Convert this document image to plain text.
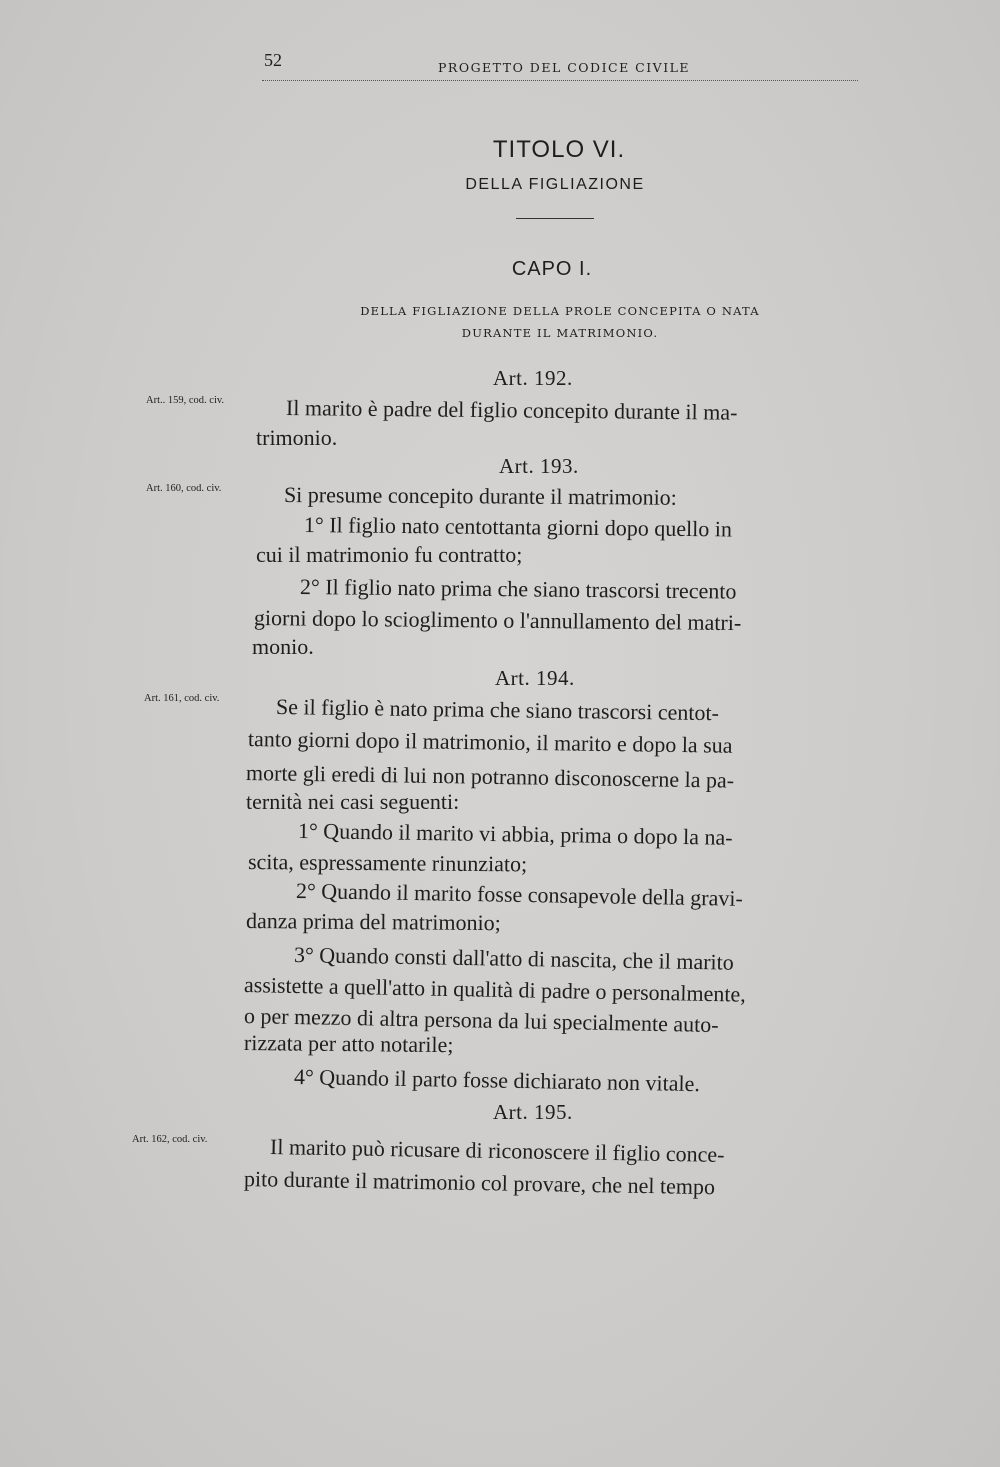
52	PROGETTO DEL CODICE CIVILE
TITOLO VI.
DELLA FIGLIAZIONE
CAPO I.
DELLA FIGLIAZIONE DELLA PROLE CONCEPITA O NATA
DURANTE IL MATRIMONIO.
Art. 192.
Art.. 159, cod. civ.	Il marito è padre del figlio concepito durante il ma-
trimonio.
Art. 193.
Art. 160, cod. civ.	Si presume concepito durante il matrimonio:
1° Il figlio nato centottanta giorni dopo quello in
cui il matrimonio fu contratto;
2° Il figlio nato prima che siano trascorsi trecento
giorni dopo lo scioglimento o l'annullamento del matri-
monio.
Art. 194.
Art. 161, cod. civ.	Se il figlio è nato prima che siano trascorsi centot-
tanto giorni dopo il matrimonio, il marito e dopo la sua
morte gli eredi di lui non potranno disconoscerne la pa-
ternità nei casi seguenti:
1° Quando il marito vi abbia, prima o dopo la na-
scita, espressamente rinunziato;
2° Quando il marito fosse consapevole della gravi-
danza prima del matrimonio;
3° Quando consti dall'atto di nascita, che il marito
assistette a quell'atto in qualità di padre o personalmente,
o per mezzo di altra persona da lui specialmente auto-
rizzata per atto notarile;
4° Quando il parto fosse dichiarato non vitale.
Art. 195.
Art. 162, cod. civ.	Il marito può ricusare di riconoscere il figlio conce-
pito durante il matrimonio col provare, che nel tempo
